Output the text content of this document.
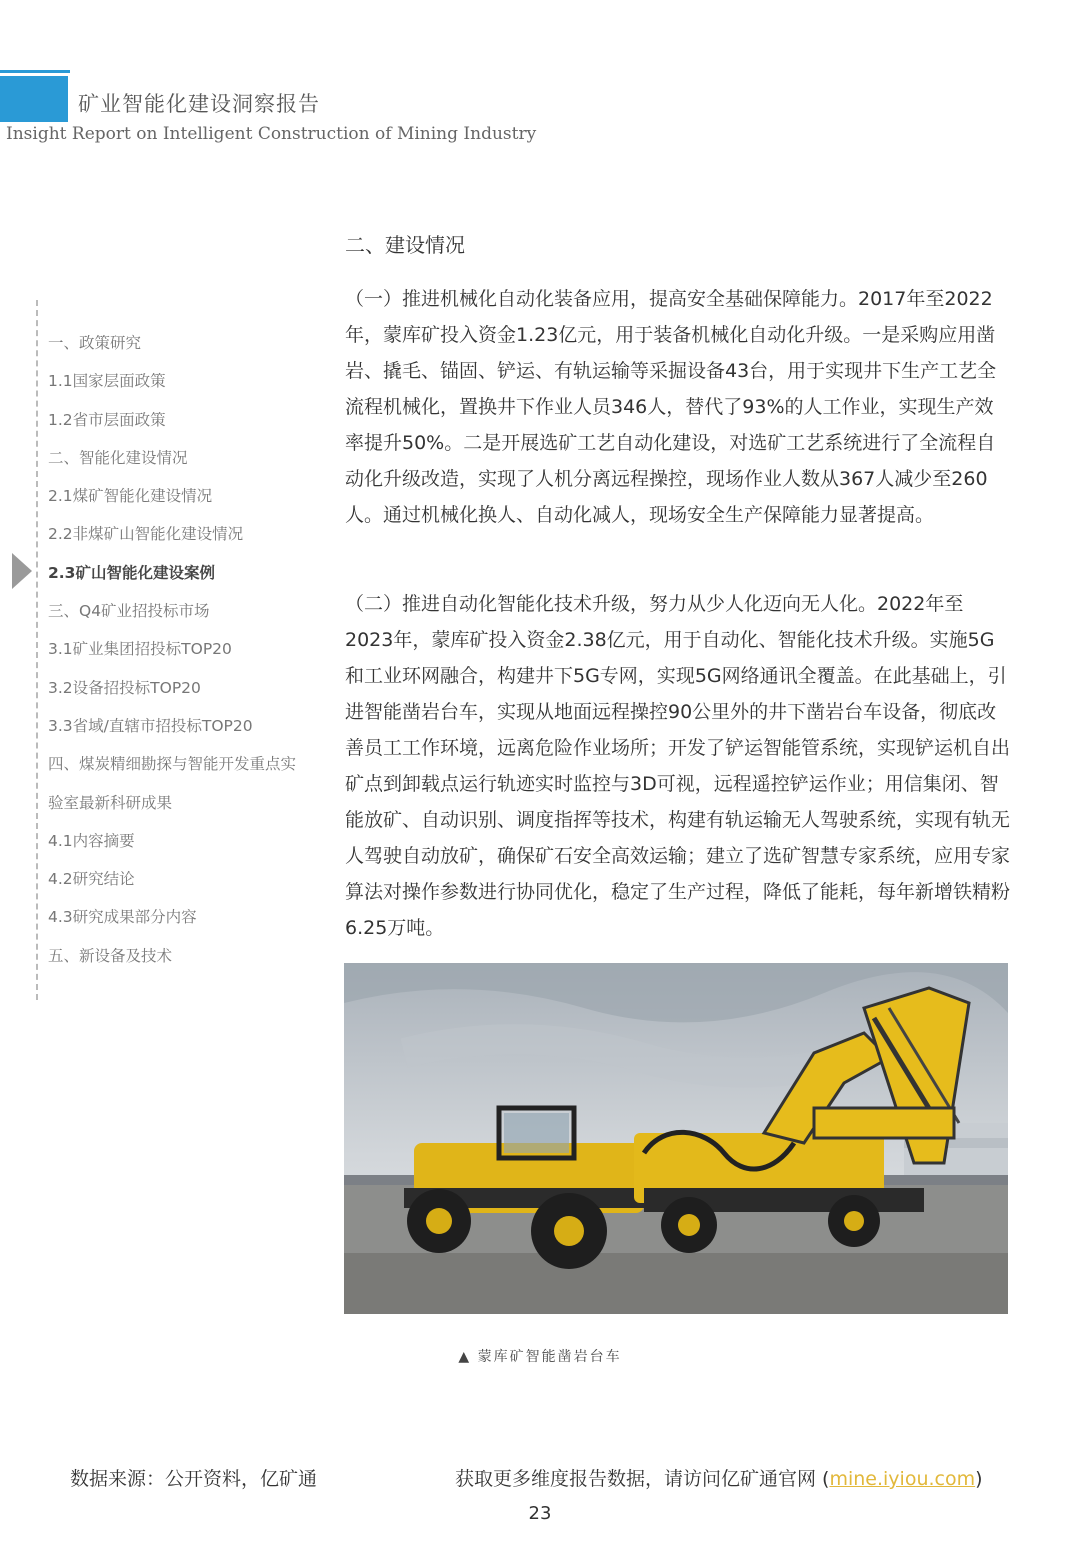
矿业智能化建设洞察报告
Insight Report on Intelligent Construction of Mining Industry
一、政策研究
1.1国家层面政策
1.2省市层面政策
二、智能化建设情况
2.1煤矿智能化建设情况
2.2非煤矿山智能化建设情况
2.3矿山智能化建设案例
三、Q4矿业招投标市场
3.1矿业集团招投标TOP20
3.2设备招投标TOP20
3.3省域/直辖市招投标TOP20
四、煤炭精细勘探与智能开发重点实
验室最新科研成果
4.1内容摘要
4.2研究结论
4.3研究成果部分内容
五、新设备及技术
二、建设情况

（一）推进机械化自动化装备应用，提高安全基础保障能力。2017年至2022年，蒙库矿投入资金1.23亿元，用于装备机械化自动化升级。一是采购应用凿岩、撬毛、锚固、铲运、有轨运输等采掘设备43台，用于实现井下生产工艺全流程机械化，置换井下作业人员346人，替代了93%的人工作业，实现生产效率提升50%。二是开展选矿工艺自动化建设，对选矿工艺系统进行了全流程自动化升级改造，实现了人机分离远程操控，现场作业人数从367人减少至260人。通过机械化换人、自动化减人，现场安全生产保障能力显著提高。

（二）推进自动化智能化技术升级，努力从少人化迈向无人化。2022年至2023年，蒙库矿投入资金2.38亿元，用于自动化、智能化技术升级。实施5G和工业环网融合，构建井下5G专网，实现5G网络通讯全覆盖。在此基础上，引进智能凿岩台车，实现从地面远程操控90公里外的井下凿岩台车设备，彻底改善员工工作环境，远离危险作业场所；开发了铲运智能管系统，实现铲运机自出矿点到卸载点运行轨迹实时监控与3D可视，远程遥控铲运作业；用信集闭、智能放矿、自动识别、调度指挥等技术，构建有轨运输无人驾驶系统，实现有轨无人驾驶自动放矿，确保矿石安全高效运输；建立了选矿智慧专家系统，应用专家算法对操作参数进行协同优化，稳定了生产过程，降低了能耗，每年新增铁精粉6.25万吨。

▲ 蒙库矿智能凿岩台车
数据来源：公开资料，亿矿通	获取更多维度报告数据，请访问亿矿通官网 (mine.iyiou.com)
23
